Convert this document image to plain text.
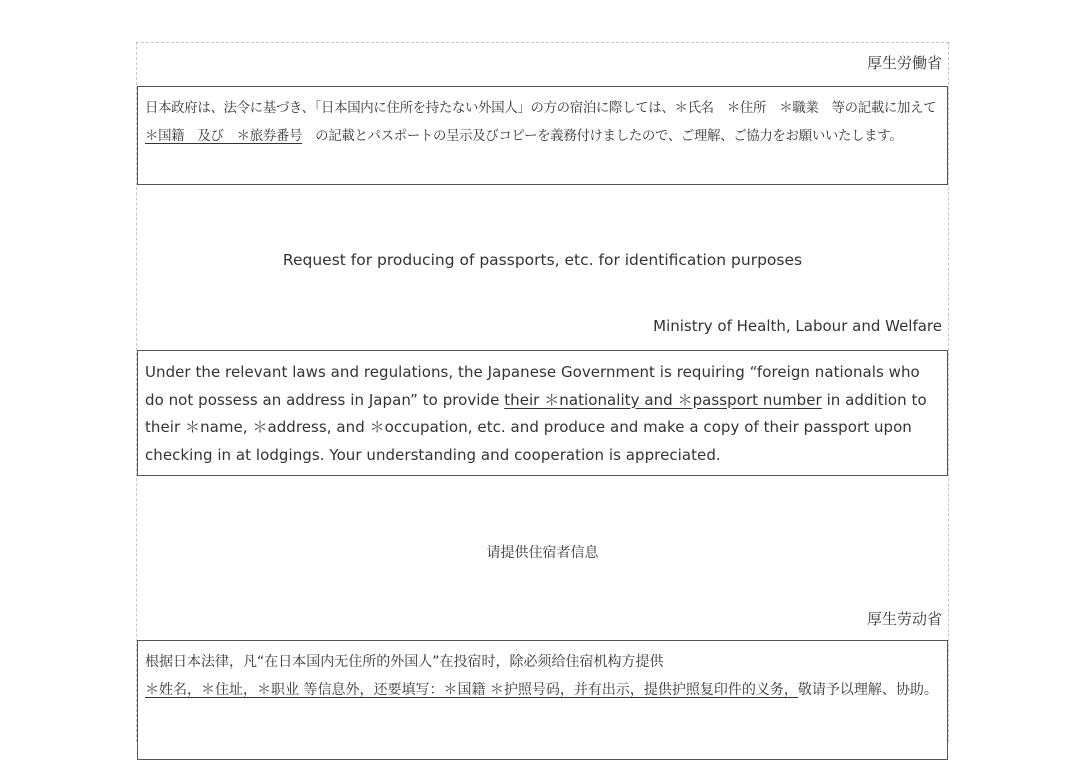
厚生労働省
日本政府は、法令に基づき、「日本国内に住所を持たない外国人」の方の宿泊に際しては、＊氏名　＊住所　＊職業　等の記載に加えて＊国籍　及び　＊旅券番号　の記載とパスポートの呈示及びコピーを義務付けましたので、ご理解、ご協力をお願いいたします。
Request for producing of passports, etc. for identification purposes
Ministry of Health, Labour and Welfare
Under the relevant laws and regulations, the Japanese Government is requiring “foreign nationals who do not possess an address in Japan” to provide their ＊nationality and ＊passport number in addition to their ＊name, ＊address, and ＊occupation, etc. and produce and make a copy of their passport upon checking in at lodgings. Your understanding and cooperation is appreciated.
请提供住宿者信息
厚生劳动省
根据日本法律，凡“在日本国内无住所的外国人”在投宿时，除必须给住宿机构方提供
＊姓名，＊住址，＊职业 等信息外，还要填写：＊国籍 ＊护照号码，并有出示，提供护照复印件的义务，敬请予以理解、协助。
